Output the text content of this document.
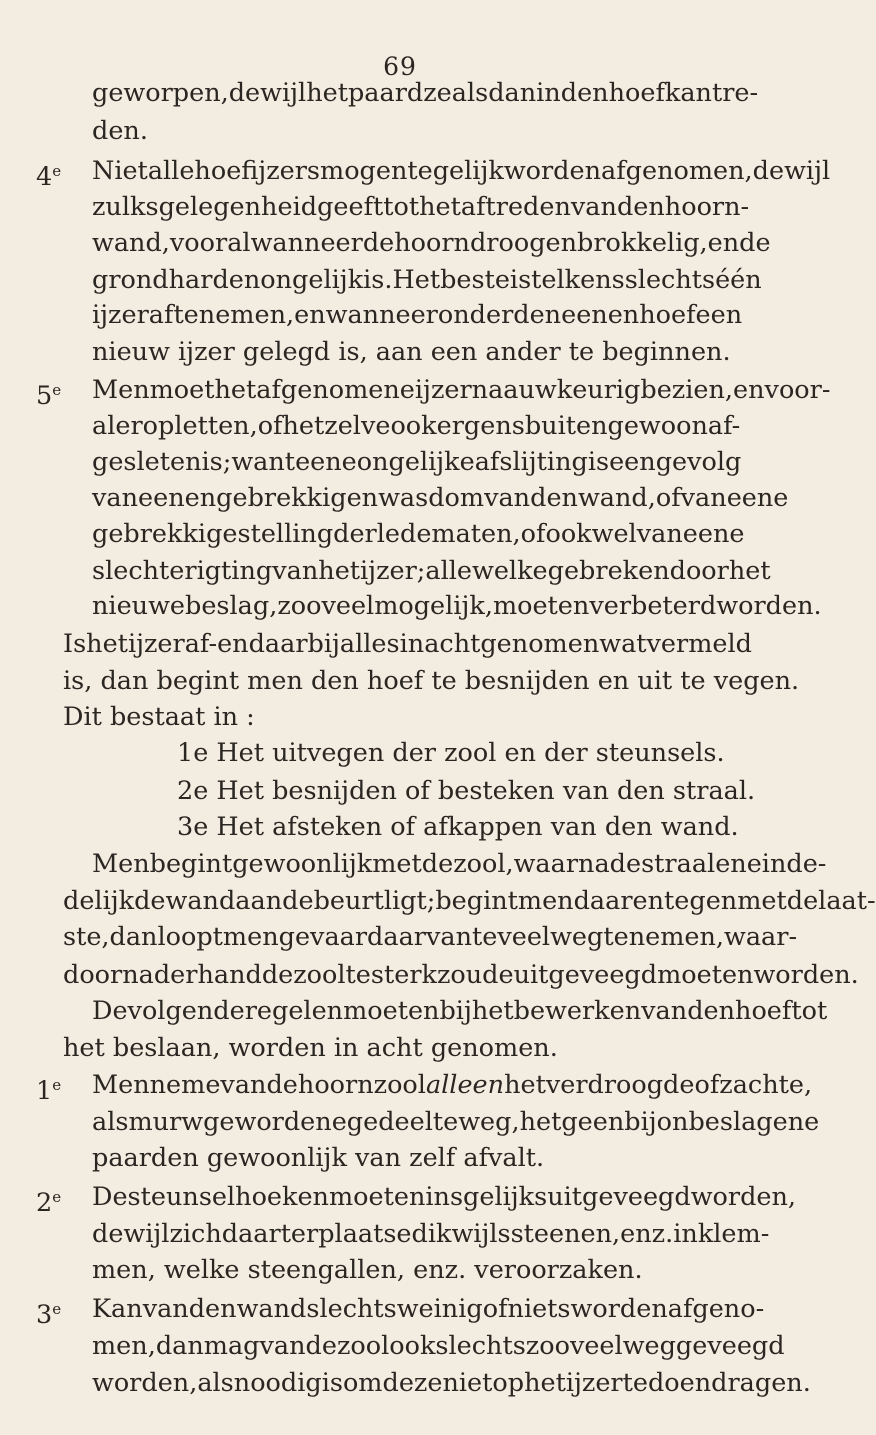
69
geworpen, dewijl het paard ze alsdan in den hoef kan tre-
den.
4e Niet alle hoefijzers mogen tegelijk worden afgenomen, dewijl
zulks gelegenheid geeft tot het aftreden van den hoorn-
wand, vooral wanneer de hoorn droog en brokkelig, en de
grond hard en ongelijk is. Het beste is telkens slechts één
ijzer af te nemen, en wanneer onder den eenen hoef een
nieuw ijzer gelegd is, aan een ander te beginnen.
5e Men moet het afgenomene ijzer naauwkeurig bezien , en voor-
al er op letten, of hetzelve ook ergens buitengewoon af-
gesleten is; want eene ongelijke afslijting is een gevolg
van eenen gebrekkigen wasdom van den wand, of van eene
gebrekkige stelling der ledematen, of ook wel van eene
slechte rigting van het ijzer; alle welke gebreken door het
nieuwe beslag, zoo veel mogelijk, moeten verbeterd worden.
Is het ijzer af- en daarbij alles in acht genomen wat vermeld
is, dan begint men den hoef te besnijden en uit te vegen.
Dit bestaat in :
1e Het uitvegen der zool en der steunsels.
2e Het besnijden of besteken van den straal.
3e Het afsteken of afkappen van den wand.
Men begint gewoonlijk met de zool, waarna de straal en einde-
delijk de wand aan de beurt ligt; begint men daarentegen met de laat-
ste, dan loopt men gevaar daarvan te veel weg te nemen, waar-
door naderhand de zool te sterk zoude uitgeveegd moeten worden.
De volgende regelen moeten bij het bewerken van den hoef tot
het beslaan, worden in acht genomen.
1e Men neme van de hoornzool alleen het verdroogde of zachte,
als murw gewordene gedeelte weg, hetgeen bij onbeslagene
paarden gewoonlijk van zelf afvalt.
2e De steunselhoeken moeten insgelijks uitgeveegd worden,
dewijl zich daar ter plaatse dikwijls steenen, enz. in klem-
men, welke steengallen, enz. veroorzaken.
3e Kan van den wand slechts weinig of niets worden afgeno-
men, dan mag van de zool ook slechts zoo veel weggeveegd
worden, als noodig is om deze niet op het ijzer te doen dragen.
